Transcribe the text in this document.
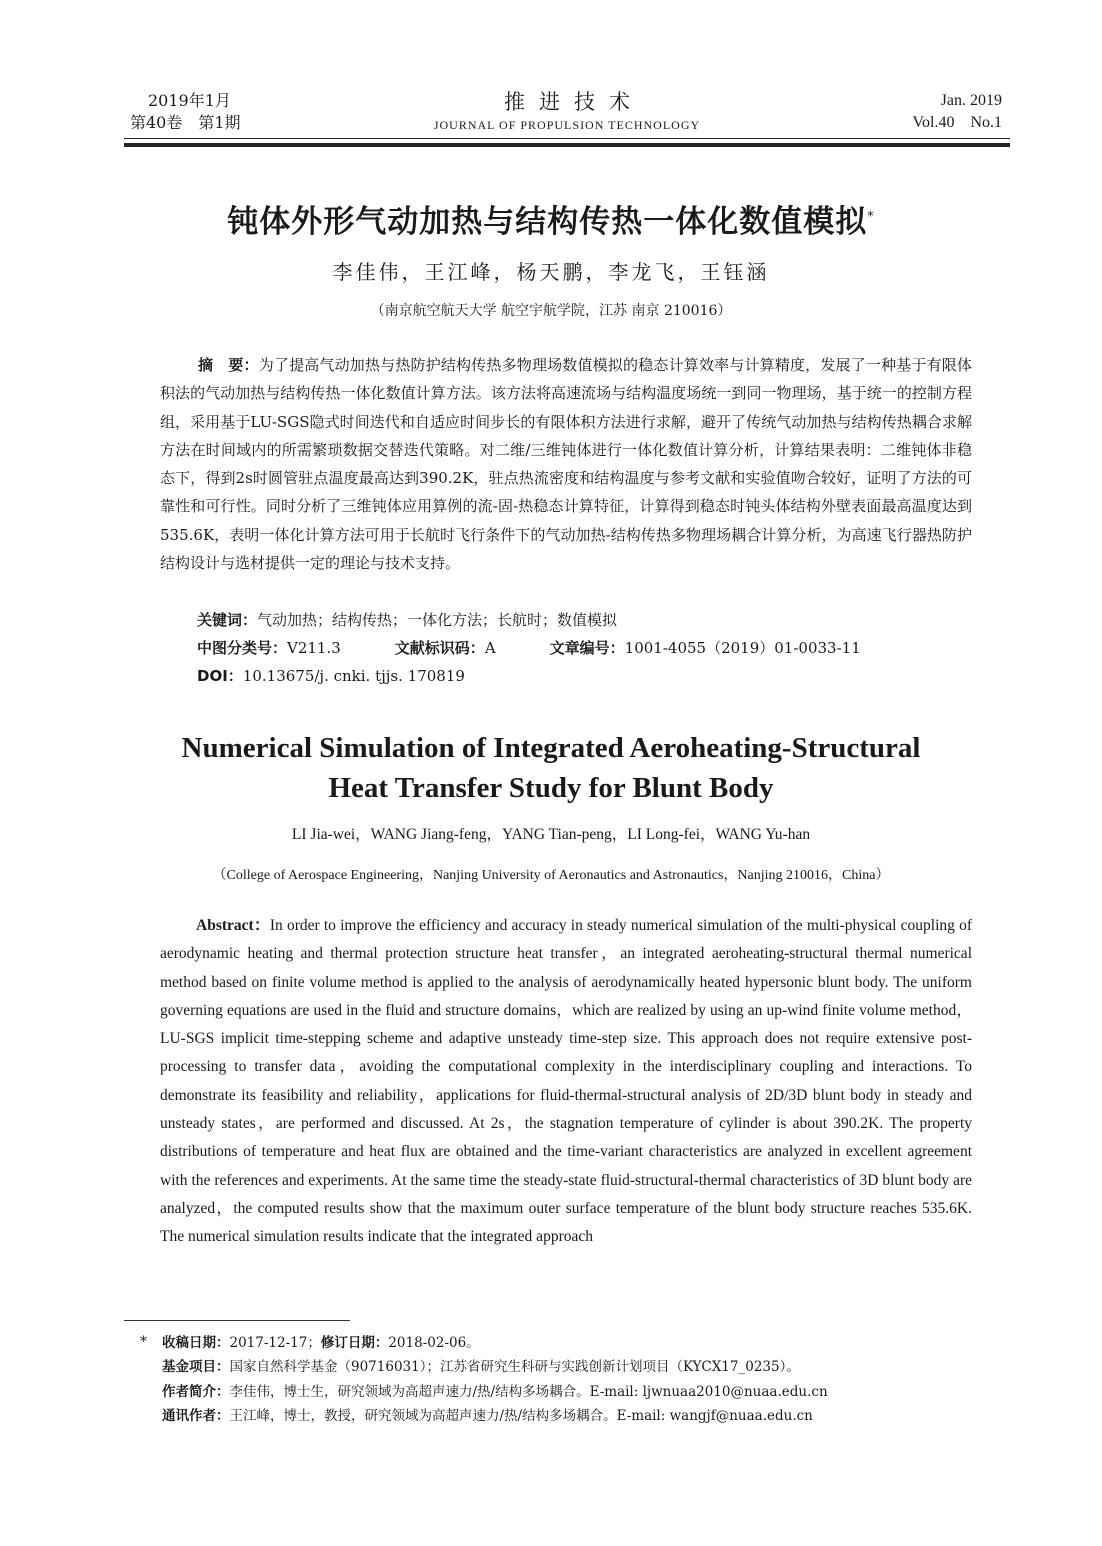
2019年1月
第40卷　第1期
推进技术
JOURNAL OF PROPULSION TECHNOLOGY
Jan. 2019
Vol.40　No.1
钝体外形气动加热与结构传热一体化数值模拟*
李佳伟，王江峰，杨天鹏，李龙飞，王钰涵
（南京航空航天大学 航空宇航学院，江苏 南京 210016）
摘　要：为了提高气动加热与热防护结构传热多物理场数值模拟的稳态计算效率与计算精度，发展了一种基于有限体积法的气动加热与结构传热一体化数值计算方法。该方法将高速流场与结构温度场统一到同一物理场，基于统一的控制方程组，采用基于LU-SGS隐式时间迭代和自适应时间步长的有限体积方法进行求解，避开了传统气动加热与结构传热耦合求解方法在时间域内的所需繁琐数据交替迭代策略。对二维/三维钝体进行一体化数值计算分析，计算结果表明：二维钝体非稳态下，得到2s时圆管驻点温度最高达到390.2K，驻点热流密度和结构温度与参考文献和实验值吻合较好，证明了方法的可靠性和可行性。同时分析了三维钝体应用算例的流-固-热稳态计算特征，计算得到稳态时钝头体结构外壁表面最高温度达到535.6K，表明一体化计算方法可用于长航时飞行条件下的气动加热-结构传热多物理场耦合计算分析，为高速飞行器热防护结构设计与选材提供一定的理论与技术支持。
关键词：气动加热；结构传热；一体化方法；长航时；数值模拟
中图分类号：V211.3	文献标识码：A	文章编号：1001-4055（2019）01-0033-11
DOI：10.13675/j. cnki. tjjs. 170819
Numerical Simulation of Integrated Aeroheating-Structural
Heat Transfer Study for Blunt Body
LI Jia-wei，WANG Jiang-feng，YANG Tian-peng，LI Long-fei，WANG Yu-han
（College of Aerospace Engineering，Nanjing University of Aeronautics and Astronautics，Nanjing 210016，China）
Abstract：In order to improve the efficiency and accuracy in steady numerical simulation of the multi-physical coupling of aerodynamic heating and thermal protection structure heat transfer，an integrated aeroheating-structural thermal numerical method based on finite volume method is applied to the analysis of aerodynamically heated hypersonic blunt body. The uniform governing equations are used in the fluid and structure domains，which are realized by using an up-wind finite volume method，LU-SGS implicit time-stepping scheme and adaptive unsteady time-step size. This approach does not require extensive post-processing to transfer data，avoiding the computational complexity in the interdisciplinary coupling and interactions. To demonstrate its feasibility and reliability，applications for fluid-thermal-structural analysis of 2D/3D blunt body in steady and unsteady states，are performed and discussed. At 2s，the stagnation temperature of cylinder is about 390.2K. The property distributions of temperature and heat flux are obtained and the time-variant characteristics are analyzed in excellent agreement with the references and experiments. At the same time the steady-state fluid-structural-thermal characteristics of 3D blunt body are analyzed，the computed results show that the maximum outer surface temperature of the blunt body structure reaches 535.6K. The numerical simulation results indicate that the integrated approach
* 收稿日期：2017-12-17；修订日期：2018-02-06。
基金项目：国家自然科学基金（90716031）；江苏省研究生科研与实践创新计划项目（KYCX17_0235）。
作者简介：李佳伟，博士生，研究领域为高超声速力/热/结构多场耦合。E-mail: ljwnuaa2010@nuaa.edu.cn
通讯作者：王江峰，博士，教授，研究领域为高超声速力/热/结构多场耦合。E-mail: wangjf@nuaa.edu.cn
